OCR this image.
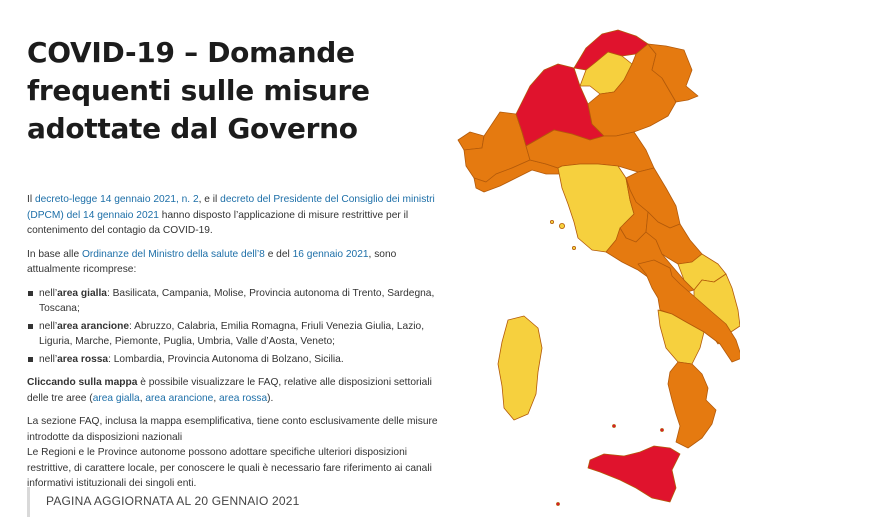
COVID-19 – Domande
frequenti sulle misure
adottate dal Governo

Il decreto-legge 14 gennaio 2021, n. 2, e il decreto del Presidente del Consiglio dei ministri (DPCM) del 14 gennaio 2021 hanno disposto l’applicazione di misure restrittive per il contenimento del contagio da COVID-19.

In base alle Ordinanze del Ministro della salute dell’8 e del 16 gennaio 2021, sono attualmente ricomprese:

nell’area gialla: Basilicata, Campania, Molise, Provincia autonoma di Trento, Sardegna, Toscana;
nell’area arancione: Abruzzo, Calabria, Emilia Romagna, Friuli Venezia Giulia, Lazio, Liguria, Marche, Piemonte, Puglia, Umbria, Valle d’Aosta, Veneto;
nell’area rossa: Lombardia, Provincia Autonoma di Bolzano, Sicilia.

Cliccando sulla mappa è possibile visualizzare le FAQ, relative alle disposizioni settoriali delle tre aree (area gialla, area arancione, area rossa).

La sezione FAQ, inclusa la mappa esemplificativa, tiene conto esclusivamente delle misure introdotte da disposizioni nazionali
Le Regioni e le Province autonome possono adottare specifiche ulteriori disposizioni restrittive, di carattere locale, per conoscere le quali è necessario fare riferimento ai canali informativi istituzionali dei singoli enti.

PAGINA AGGIORNATA AL 20 GENNAIO 2021
